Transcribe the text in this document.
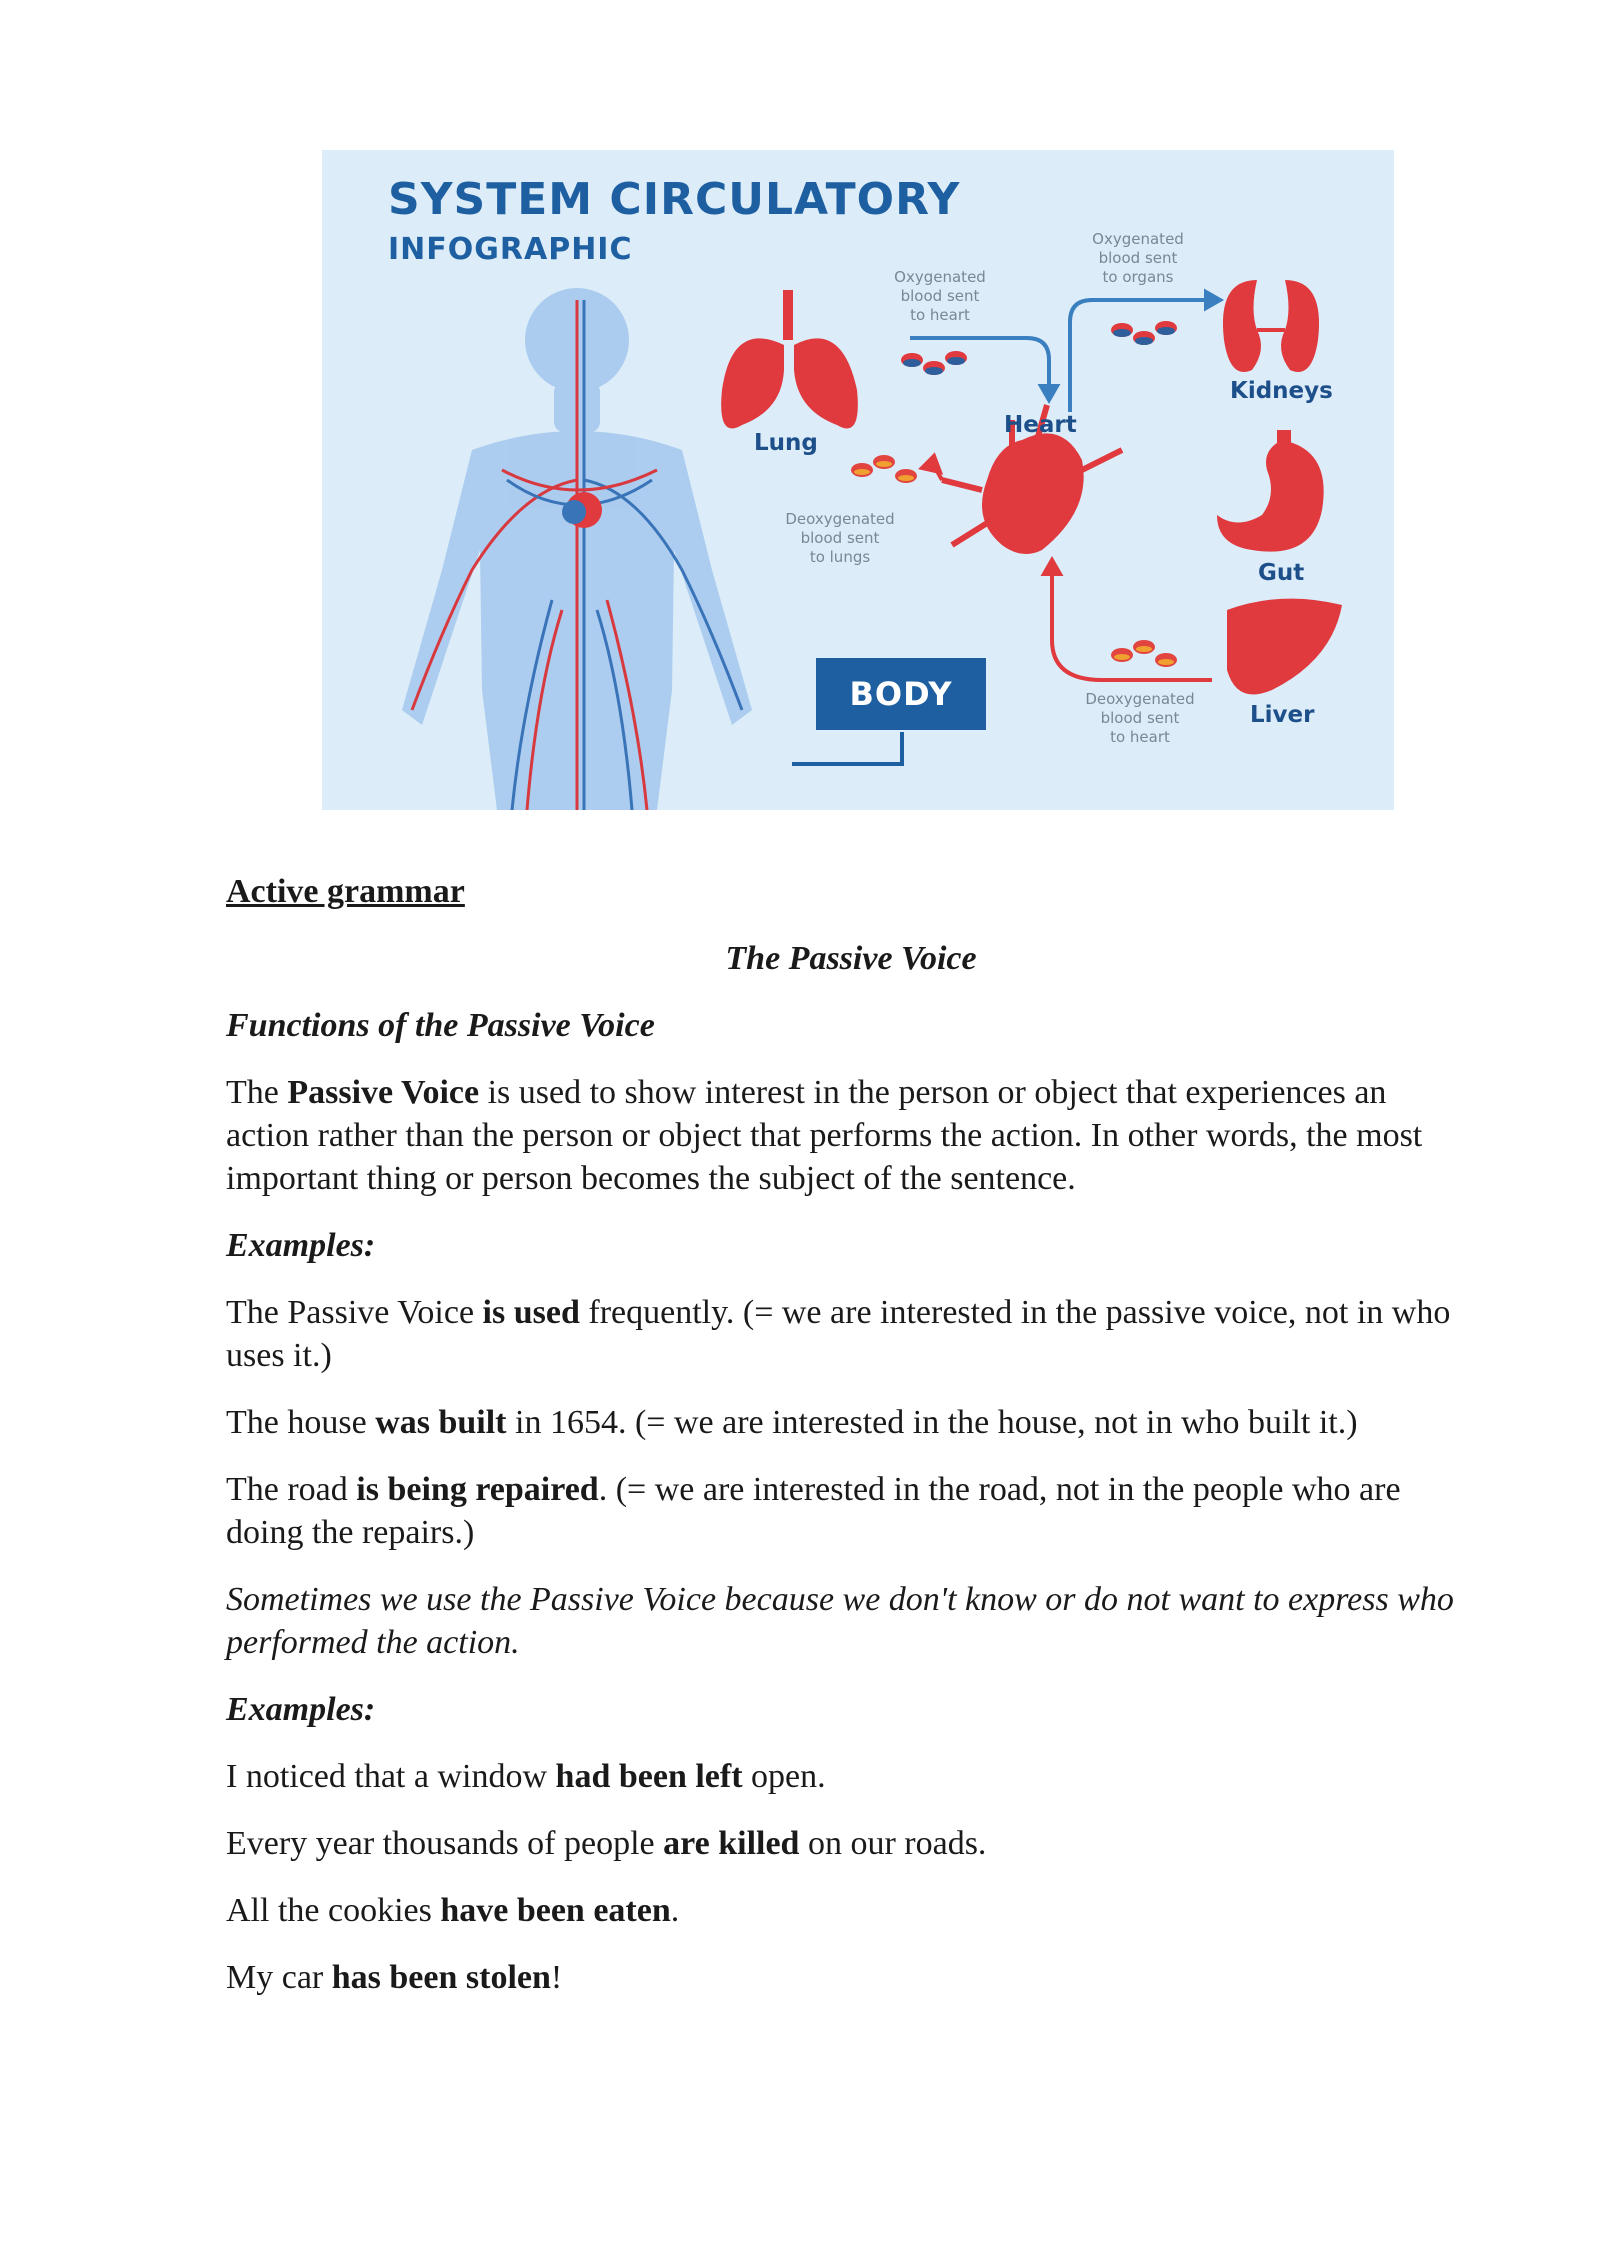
SYSTEM CIRCULATORY
INFOGRAPHIC
Lung
Heart
Kidneys
Gut
Liver
Oxygenated
blood sent
to heart
Oxygenated
blood sent
to organs
Deoxygenated
blood sent
to lungs
Deoxygenated
blood sent
to heart
BODY

Active grammar

The Passive Voice

Functions of the Passive Voice

The Passive Voice is used to show interest in the person or object that experiences an action rather than the person or object that performs the action. In other words, the most important thing or person becomes the subject of the sentence.

Examples:

The Passive Voice is used frequently. (= we are interested in the passive voice, not in who uses it.)

The house was built in 1654. (= we are interested in the house, not in who built it.)

The road is being repaired. (= we are interested in the road, not in the people who are doing the repairs.)

Sometimes we use the Passive Voice because we don't know or do not want to express who performed the action.

Examples:

I noticed that a window had been left open.

Every year thousands of people are killed on our roads.

All the cookies have been eaten.

My car has been stolen!
